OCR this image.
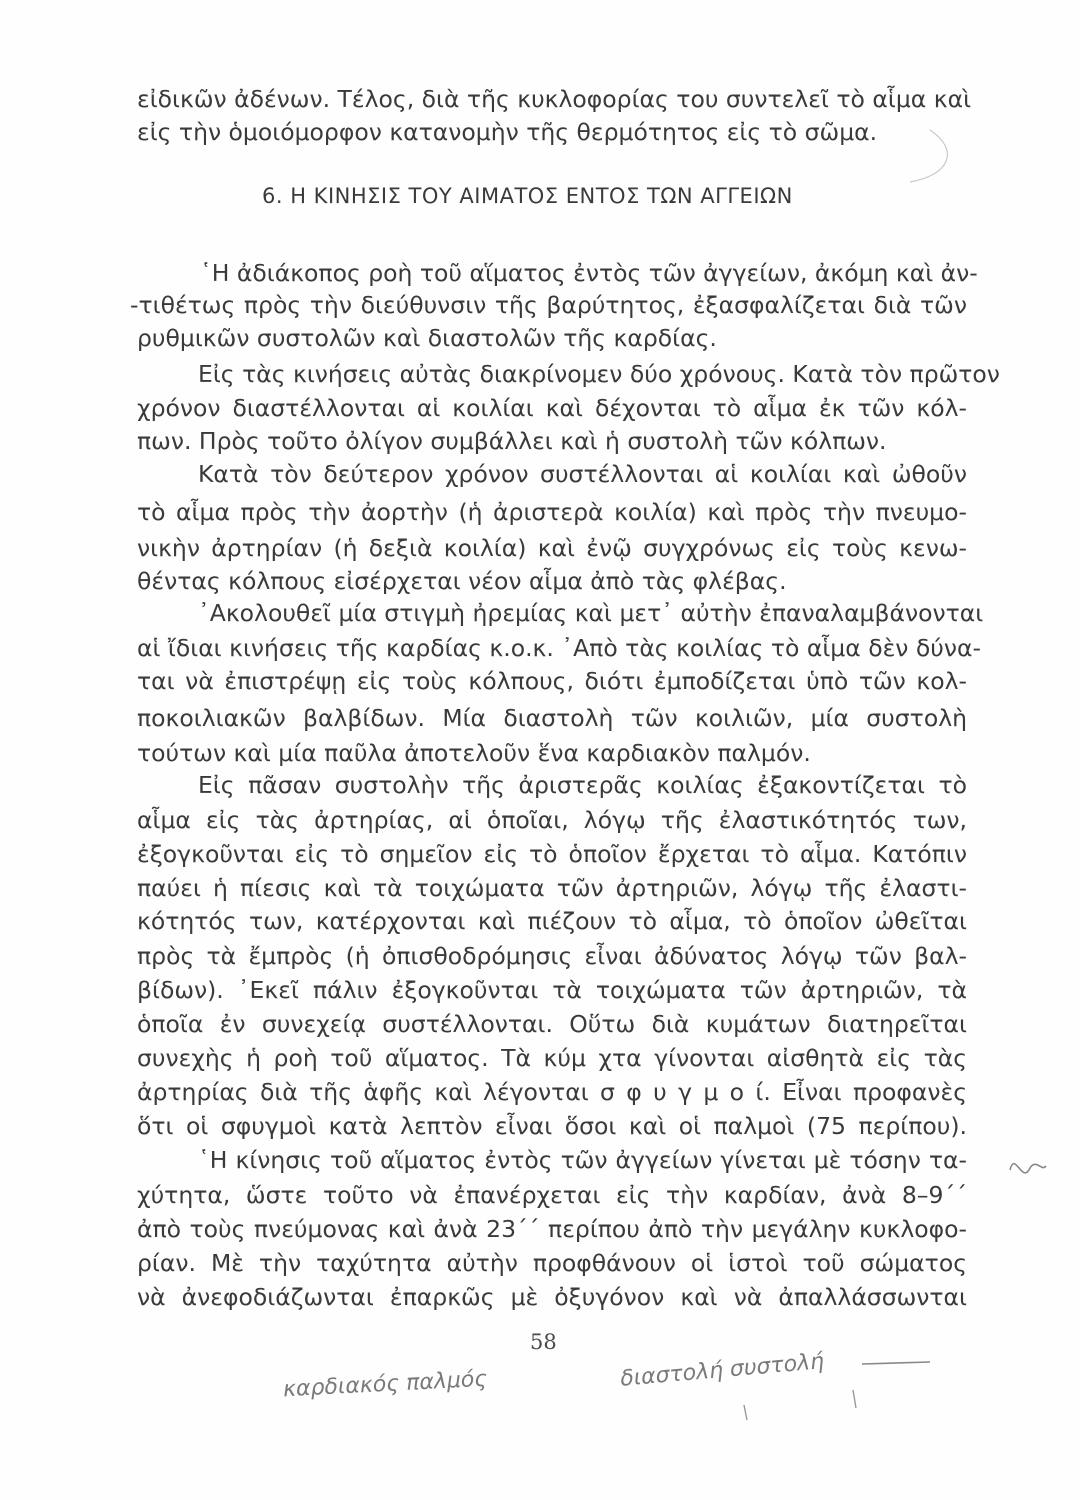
εἰδικῶν ἀδένων. Τέλος, διὰ τῆς κυκλοφορίας του συντελεῖ τὸ αἷμα καὶ
εἰς τὴν ὁμοιόμορφον κατανομὴν τῆς θερμότητος εἰς τὸ σῶμα.
6. Η ΚΙΝΗΣΙΣ ΤΟΥ ΑΙΜΑΤΟΣ ΕΝΤΟΣ ΤΩΝ ΑΓΓΕΙΩΝ
῾Η ἀδιάκοπος ροὴ τοῦ αἵματος ἐντὸς τῶν ἀγγείων, ἀκόμη καὶ ἀν-
-τιθέτως πρὸς τὴν διεύθυνσιν τῆς βαρύτητος, ἐξασφαλίζεται διὰ τῶν
ρυθμικῶν συστολῶν καὶ διαστολῶν τῆς καρδίας.
Εἰς τὰς κινήσεις αὐτὰς διακρίνομεν δύο χρόνους. Κατὰ τὸν πρῶτον
χρόνον διαστέλλονται αἱ κοιλίαι καὶ δέχονται τὸ αἷμα ἐκ τῶν κόλ-
πων. Πρὸς τοῦτο ὀλίγον συμβάλλει καὶ ἡ συστολὴ τῶν κόλπων.
Κατὰ τὸν δεύτερον χρόνον συστέλλονται αἱ κοιλίαι καὶ ὠθοῦν
τὸ αἷμα πρὸς τὴν ἀορτὴν (ἡ ἀριστερὰ κοιλία) καὶ πρὸς τὴν πνευμο-
νικὴν ἀρτηρίαν (ἡ δεξιὰ κοιλία) καὶ ἐνῷ συγχρόνως εἰς τοὺς κενω-
θέντας κόλπους εἰσέρχεται νέον αἷμα ἀπὸ τὰς φλέβας.
᾿Ακολουθεῖ μία στιγμὴ ἠρεμίας καὶ μετ᾿ αὐτὴν ἐπαναλαμβάνονται
αἱ ἴδιαι κινήσεις τῆς καρδίας κ.ο.κ. ᾿Απὸ τὰς κοιλίας τὸ αἷμα δὲν δύνα-
ται νὰ ἐπιστρέψῃ εἰς τοὺς κόλπους, διότι ἐμποδίζεται ὑπὸ τῶν κολ-
ποκοιλιακῶν βαλβίδων. Μία διαστολὴ τῶν κοιλιῶν, μία συστολὴ
τούτων καὶ μία παῦλα ἀποτελοῦν ἕνα καρδιακὸν παλμόν.
Εἰς πᾶσαν συστολὴν τῆς ἀριστερᾶς κοιλίας ἐξακοντίζεται τὸ
αἷμα εἰς τὰς ἀρτηρίας, αἱ ὁποῖαι, λόγῳ τῆς ἐλαστικότητός των,
ἐξογκοῦνται εἰς τὸ σημεῖον εἰς τὸ ὁποῖον ἔρχεται τὸ αἷμα. Κατόπιν
παύει ἡ πίεσις καὶ τὰ τοιχώματα τῶν ἀρτηριῶν, λόγῳ τῆς ἐλαστι-
κότητός των, κατέρχονται καὶ πιέζουν τὸ αἷμα, τὸ ὁποῖον ὠθεῖται
πρὸς τὰ ἔμπρὸς (ἡ ὀπισθοδρόμησις εἶναι ἀδύνατος λόγῳ τῶν βαλ-
βίδων). ᾿Εκεῖ πάλιν ἐξογκοῦνται τὰ τοιχώματα τῶν ἀρτηριῶν, τὰ
ὁποῖα ἐν συνεχείᾳ συστέλλονται. Οὕτω διὰ κυμάτων διατηρεῖται
συνεχὴς ἡ ροὴ τοῦ αἵματος. Τὰ κύμ χτα γίνονται αἰσθητὰ εἰς τὰς
ἀρτηρίας διὰ τῆς ἁφῆς καὶ λέγονται σ φ υ γ μ ο ί. Εἶναι προφανὲς
ὅτι οἱ σφυγμοὶ κατὰ λεπτὸν εἶναι ὅσοι καὶ οἱ παλμοὶ (75 περίπου).
῾Η κίνησις τοῦ αἵματος ἐντὸς τῶν ἀγγείων γίνεται μὲ τόσην τα-
χύτητα, ὥστε τοῦτο νὰ ἐπανέρχεται εἰς τὴν καρδίαν, ἀνὰ 8–9΄΄
ἀπὸ τοὺς πνεύμονας καὶ ἀνὰ 23΄΄ περίπου ἀπὸ τὴν μεγάλην κυκλοφο-
ρίαν. Μὲ τὴν ταχύτητα αὐτὴν προφθάνουν οἱ ἱστοὶ τοῦ σώματος
νὰ ἀνεφοδιάζωνται ἐπαρκῶς μὲ ὀξυγόνον καὶ νὰ ἀπαλλάσσωνται
58
καρδιακός παλμός	διαστολή συστολή
